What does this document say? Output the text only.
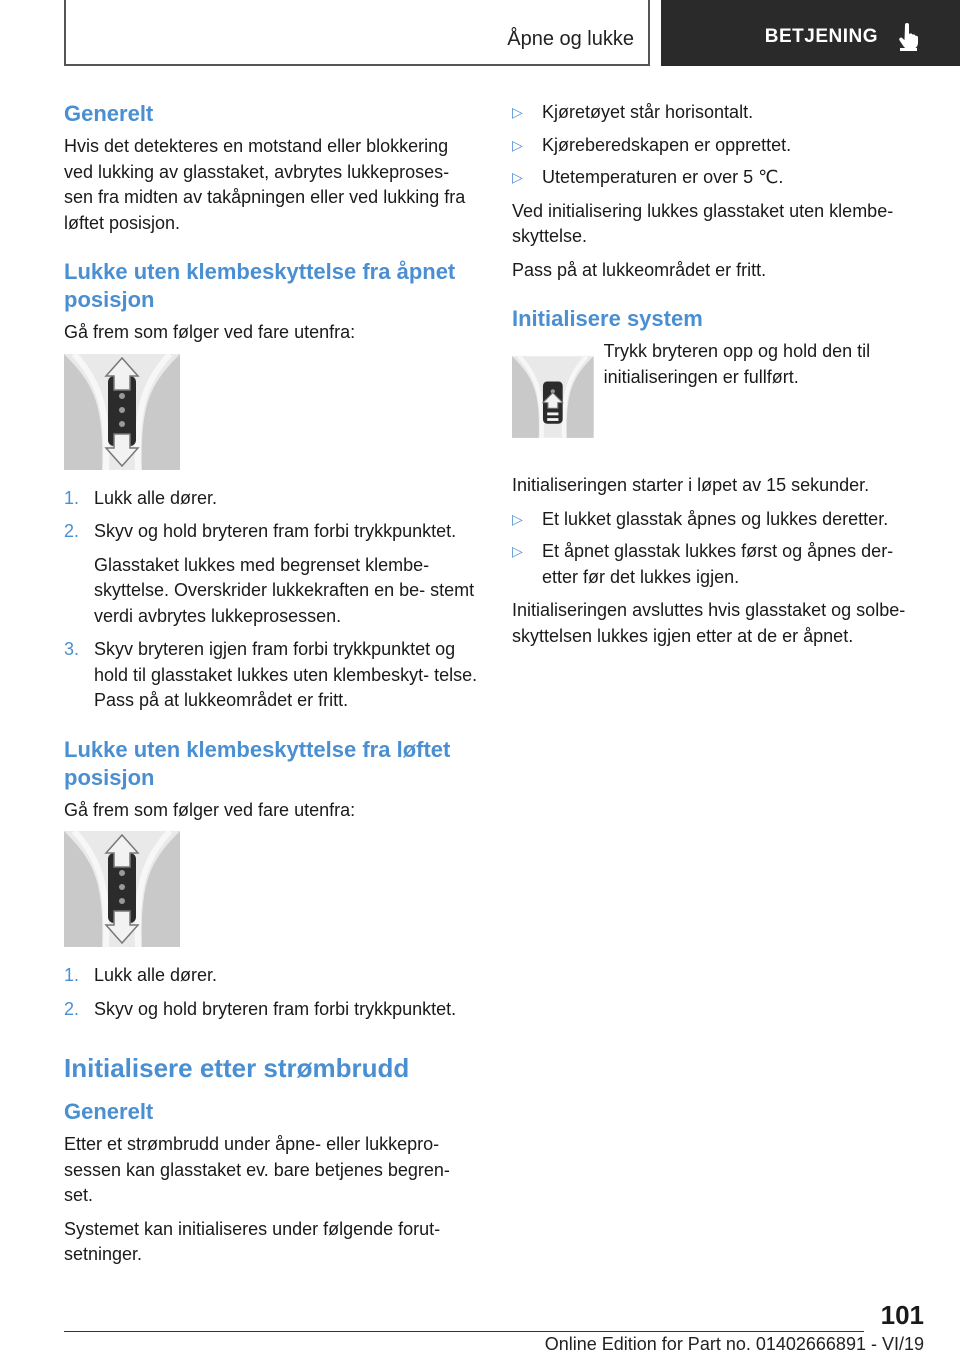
Åpne og lukke	BETJENING
Generelt

Hvis det detekteres en motstand eller blokkering ved lukking av glasstaket, avbrytes lukkeproses- sen fra midten av takåpningen eller ved lukking fra løftet posisjon.

Lukke uten klembeskyttelse fra åpnet posisjon

Gå frem som følger ved fare utenfra:

1. Lukk alle dører.
2. Skyv og hold bryteren fram forbi trykkpunktet.
Glasstaket lukkes med begrenset klembe- skyttelse. Overskrider lukkekraften en be- stemt verdi avbrytes lukkeprosessen.
3. Skyv bryteren igjen fram forbi trykkpunktet og hold til glasstaket lukkes uten klembeskyt- telse. Pass på at lukkeområdet er fritt.
Lukke uten klembeskyttelse fra løftet posisjon

Gå frem som følger ved fare utenfra:

1. Lukk alle dører.
2. Skyv og hold bryteren fram forbi trykkpunktet.
Initialisere etter strømbrudd
Generelt

Etter et strømbrudd under åpne- eller lukkepro- sessen kan glasstaket ev. bare betjenes begren- set.

Systemet kan initialiseres under følgende forut- setninger.

▷ Kjøretøyet står horisontalt.
▷ Kjøreberedskapen er opprettet.
▷ Utetemperaturen er over 5 ℃.

Ved initialisering lukkes glasstaket uten klembe- skyttelse.

Pass på at lukkeområdet er fritt.

Initialisere system

Trykk bryteren opp og hold den til initialiseringen er fullført.

Initialiseringen starter i løpet av 15 sekunder.

▷ Et lukket glasstak åpnes og lukkes deretter.
▷ Et åpnet glasstak lukkes først og åpnes der- etter før det lukkes igjen.

Initialiseringen avsluttes hvis glasstaket og solbe- skyttelsen lukkes igjen etter at de er åpnet.

101
Online Edition for Part no. 01402666891 - VI/19
